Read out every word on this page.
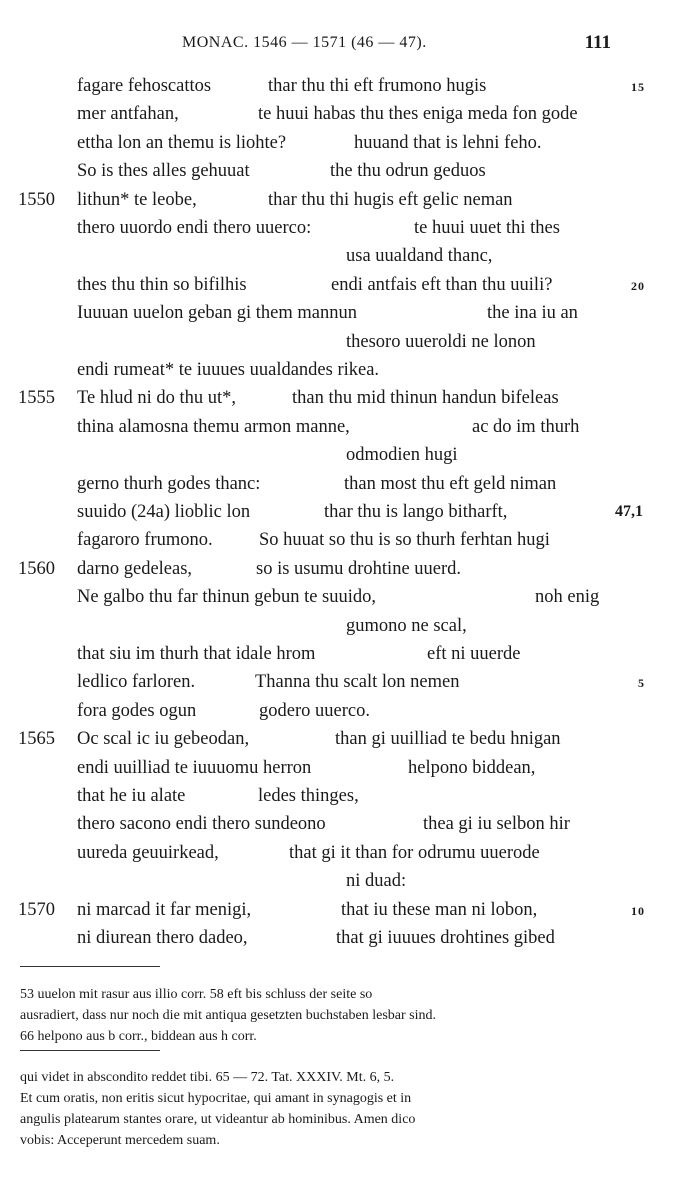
MONAC. 1546 — 1571 (46 — 47).	111
fagare fehoscattos	thar thu thi eft frumono hugis	15
mer antfahan,	te huui habas thu thes eniga meda fon gode
ettha lon an themu is liohte?	huuand that is lehni feho.
So is thes alles gehuuat	the thu odrun geduos
1550 lithun* te leobe,	thar thu thi hugis eft gelic neman
thero uuordo endi thero uuerco:	te huui uuet thi thes
usa uualdand thanc,
thes thu thin so bifilhis	endi antfais eft than thu uuili?	20
Iuuuan uuelon geban gi them mannun	the ina iu an
thesoro uueroldi ne lonon
endi rumeat* te iuuues uualdandes rikea.
1555 Te hlud ni do thu ut*,	than thu mid thinun handun bifeleas
thina alamosna themu armon manne,	ac do im thurh
odmodien hugi
gerno thurh godes thanc:	than most thu eft geld niman
suuido (24a) lioblic lon	thar thu is lango bitharft,	47,1
fagaroro frumono.	So huuat so thu is so thurh ferhtan hugi
1560 darno gedeleas,	so is usumu drohtine uuerd.
Ne galbo thu far thinun gebun te suuido,	noh enig
gumono ne scal,
that siu im thurh that idale hrom	eft ni uuerde
ledlico farloren.	Thanna thu scalt lon nemen	5
fora godes ogun	godero uuerco.
1565 Oc scal ic iu gebeodan,	than gi uuilliad te bedu hnigan
endi uuilliad te iuuuomu herron	helpono biddean,
that he iu alate	ledes thinges,
thero sacono endi thero sundeono	thea gi iu selbon hir
uureda geuuirkead,	that gi it than for odrumu uuerode
ni duad:
1570 ni marcad it far menigi,	that iu these man ni lobon,	10
ni diurean thero dadeo,	that gi iuuues drohtines gibed

53 uuelon mit rasur aus illio corr. 58 eft bis schluss der seite so

ausradiert, dass nur noch die mit antiqua gesetzten buchstaben lesbar sind.

66 helpono aus b corr., biddean aus h corr.

qui videt in abscondito reddet tibi. 65 — 72. Tat. XXXIV. Mt. 6, 5.

Et cum oratis, non eritis sicut hypocritae, qui amant in synagogis et in

angulis platearum stantes orare, ut videantur ab hominibus. Amen dico

vobis: Acceperunt mercedem suam.
